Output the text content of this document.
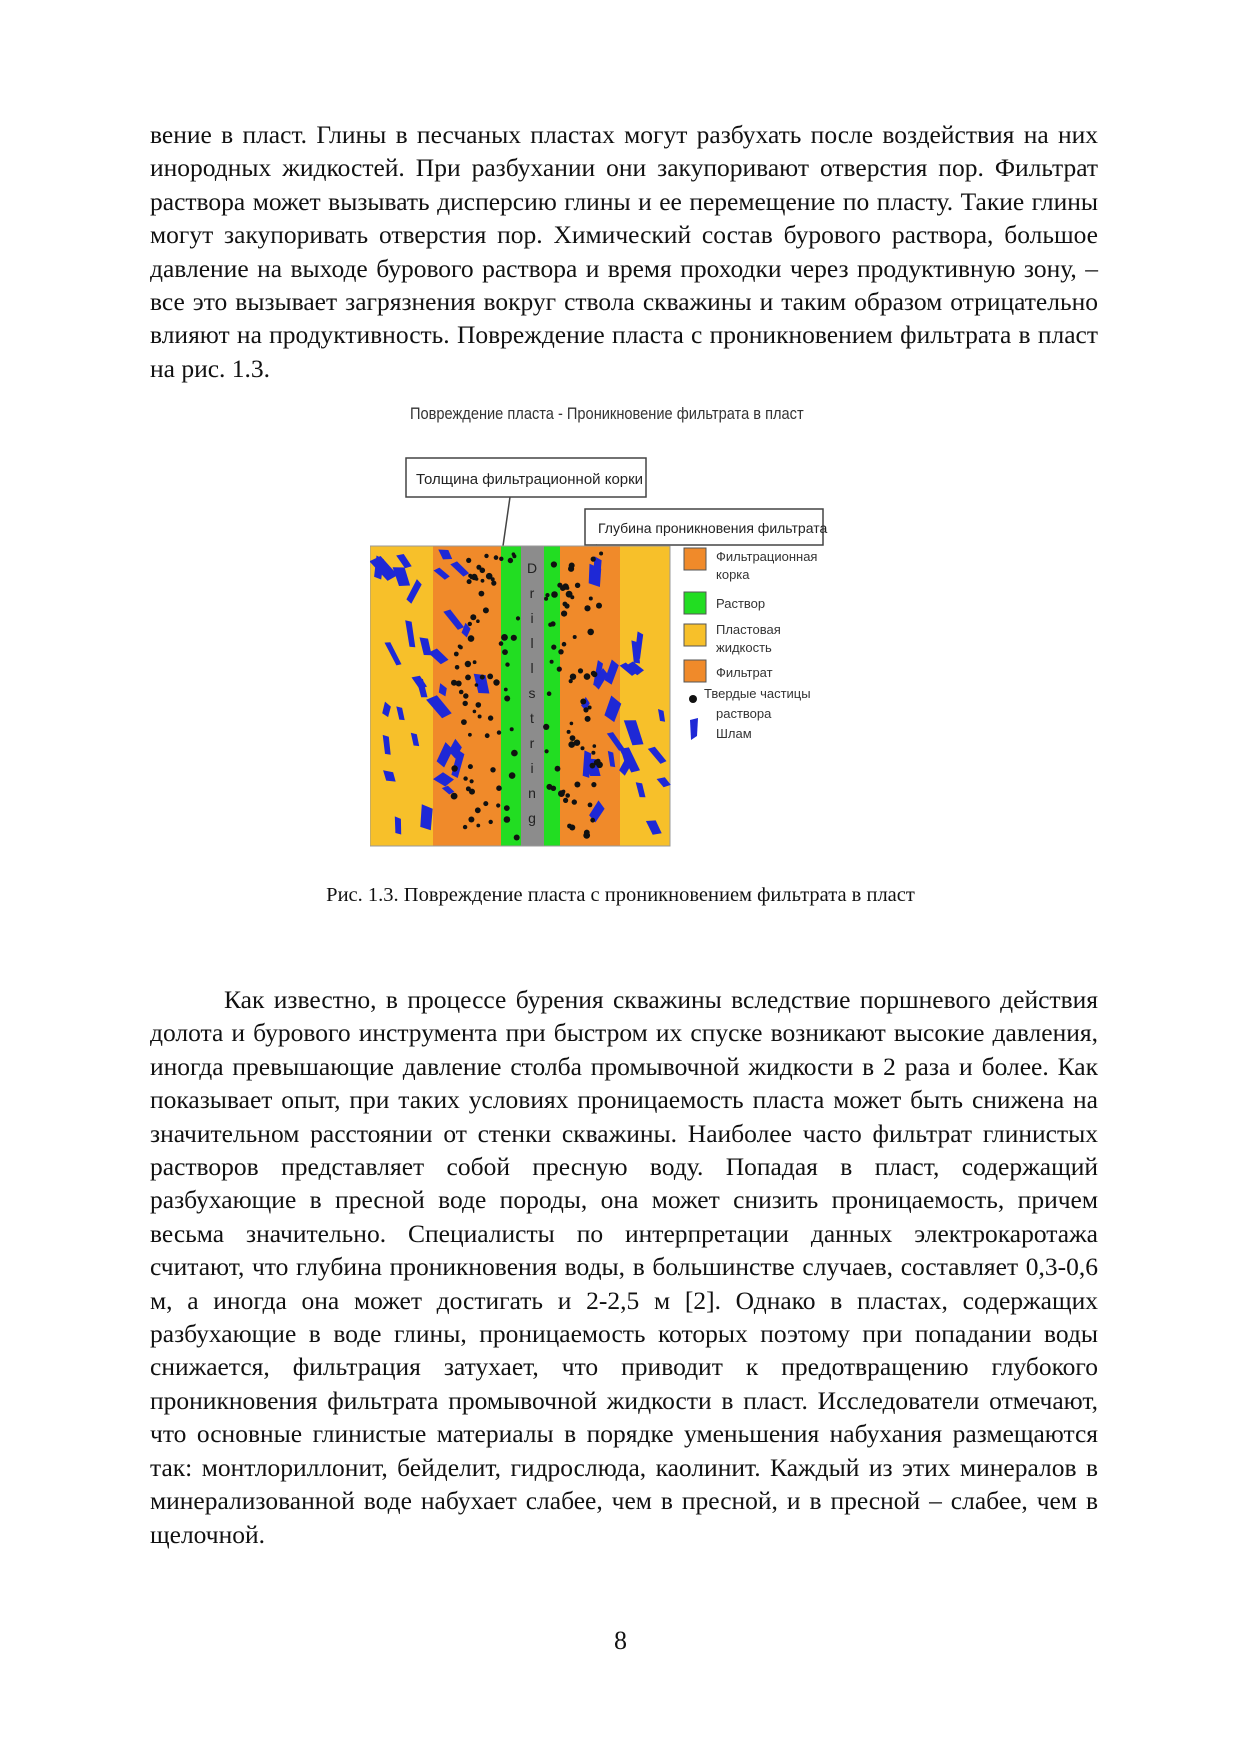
вение в пласт. Глины в песчаных пластах могут разбухать после воздействия на них инородных жидкостей. При разбухании они закупоривают отверстия пор. Фильтрат раствора может вызывать дисперсию глины и ее перемещение по пласту. Такие глины могут закупоривать отверстия пор. Химический состав бурового раствора, большое давление на выходе бурового раствора и время проходки через продуктивную зону, – все это вызывает загрязнения вокруг ствола скважины и таким образом отрицательно влияют на продуктивность. Повреждение пласта с проникновением фильтрата в пласт на рис. 1.3.

Повреждение пласта - Проникновение фильтрата в пласт
Толщина фильтрационной корки
Глубина проникновения фильтрата
D r i l l s t r i n g
Фильтрационная
корка
Раствор
Пластовая
жидкость
Фильтрат
Твердые частицы
раствора
Шлам

Рис. 1.3. Повреждение пласта с проникновением фильтрата в пласт

Как известно, в процессе бурения скважины вследствие поршневого действия долота и бурового инструмента при быстром их спуске возникают высокие давления, иногда превышающие давление столба промывочной жидкости в 2 раза и более. Как показывает опыт, при таких условиях проницаемость пласта может быть снижена на значительном расстоянии от стенки скважины. Наиболее часто фильтрат глинистых растворов представляет собой пресную воду. Попадая в пласт, содержащий разбухающие в пресной воде породы, она может снизить проницаемость, причем весьма значительно. Специалисты по интерпретации данных электрокаротажа считают, что глубина проникновения воды, в большинстве случаев, составляет 0,3-0,6 м, а иногда она может достигать и 2-2,5 м [2]. Однако в пластах, содержащих разбухающие в воде глины, проницаемость которых поэтому при попадании воды снижается, фильтрация затухает, что приводит к предотвращению глубокого проникновения фильтрата промывочной жидкости в пласт. Исследователи отмечают, что основные глинистые материалы в порядке уменьшения набухания размещаются так: монтлориллонит, бейделит, гидрослюда, каолинит. Каждый из этих минералов в минерализованной воде набухает слабее, чем в пресной, и в пресной – слабее, чем в щелочной.

8
